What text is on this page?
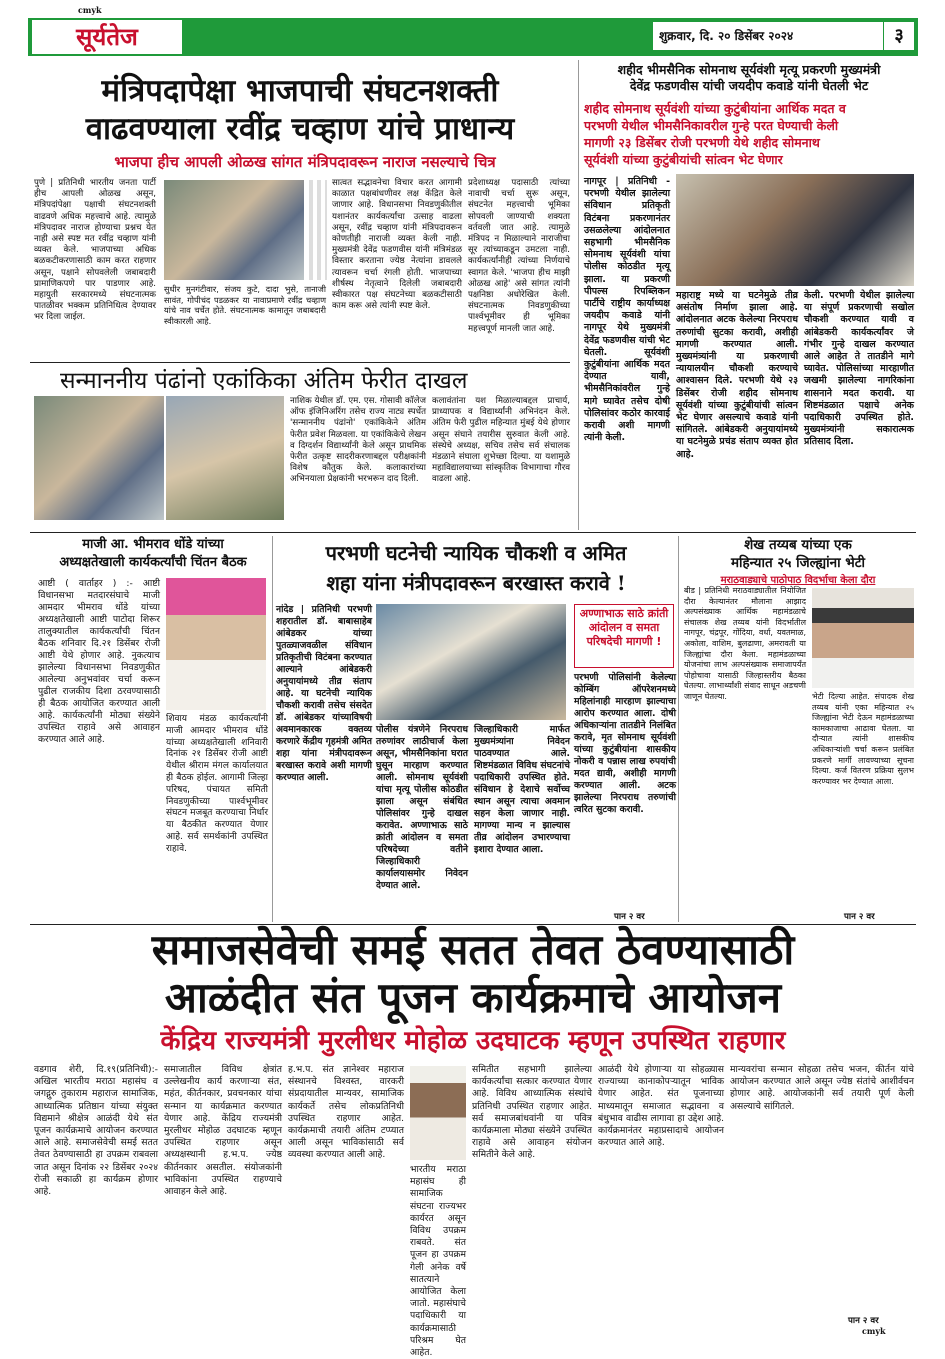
cmyk
सूर्यतेज	शुक्रवार, दि. २० डिसेंबर २०२४	३
मंत्रिपदापेक्षा भाजपाची संघटनशक्ती
वाढवण्याला रवींद्र चव्हाण यांचे प्राधान्य
भाजपा हीच आपली ओळख सांगत मंत्रिपदावरून नाराज नसल्याचे चित्र
पुणे | प्रतिनिधी भारतीय जनता पार्टी हीच आपली ओळख असून, मंत्रिपदांपेक्षा पक्षाची संघटनशक्ती वाढवणे अधिक महत्त्वाचे आहे. त्यामुळे मंत्रिपदावर नाराज होण्याचा प्रश्नच येत नाही असे स्पष्ट मत रवींद्र चव्हाण यांनी व्यक्त केले. भाजपाच्या अधिक बळकटीकरणासाठी काम करत राहणार असून, पक्षाने सोपवलेली जबाबदारी प्रामाणिकपणे पार पाडणार आहे. महायुती सरकारमध्ये संघटनात्मक पातळीवर भक्कम प्रतिनिधित्व देण्यावर भर दिला जाईल.
सुधीर मुनगंटीवार, संजय कुटे, दादा भुसे, तानाजी सावंत, गोपीचंद पडळकर या नावाप्रमाणे रवींद्र चव्हाण यांचे नाव चर्चेत होते. संघटनात्मक कामातून जबाबदारी स्वीकारली आहे.
सात्वत सद्भावनेचा विचार करत आगामी काळात पक्षबांधणीवर लक्ष केंद्रित केले जाणार आहे. विधानसभा निवडणुकीतील यशानंतर कार्यकर्त्यांचा उत्साह वाढला असून, रवींद्र चव्हाण यांनी मंत्रिपदावरून कोणतीही नाराजी व्यक्त केली नाही. मुख्यमंत्री देवेंद्र फडणवीस यांनी मंत्रिमंडळ विस्तार करताना ज्येष्ठ नेत्यांना डावलले त्यावरून चर्चा रंगली होती. भाजपाच्या शीर्षस्थ नेतृत्वाने दिलेली जबाबदारी स्वीकारत पक्ष संघटनेच्या बळकटीसाठी काम करू असे त्यांनी स्पष्ट केले.
प्रदेशाध्यक्ष पदासाठी त्यांच्या नावाची चर्चा सुरू असून, संघटनेत महत्त्वाची भूमिका सोपवली जाण्याची शक्यता वर्तवली जात आहे. त्यामुळे मंत्रिपद न मिळाल्याने नाराजीचा सूर त्यांच्याकडून उमटला नाही. कार्यकर्त्यांनीही त्यांच्या निर्णयाचे स्वागत केले. 'भाजपा हीच माझी ओळख आहे' असे सांगत त्यांनी पक्षनिष्ठा अधोरेखित केली. संघटनात्मक निवडणुकीच्या पार्श्वभूमीवर ही भूमिका महत्त्वपूर्ण मानली जात आहे.
सन्माननीय पंढांनो एकांकिका अंतिम फेरीत दाखल
नाशिक येथील डॉ. एम. एस. गोसावी कॉलेज ऑफ इंजिनिअरिंग तसेच राज्य नाट्य स्पर्धेत 'सन्माननीय पंढांनो' एकांकिकेने अंतिम फेरीत प्रवेश मिळवला. या एकांकिकेचे लेखन व दिग्दर्शन विद्यार्थ्यांनी केले असून प्राथमिक फेरीत उत्कृष्ट सादरीकरणाबद्दल परीक्षकांनी विशेष कौतुक केले. कलाकारांच्या अभिनयाला प्रेक्षकांनी भरभरून दाद दिली.
कलावंतांना यश मिळाल्याबद्दल प्राचार्य, प्राध्यापक व विद्यार्थ्यांनी अभिनंदन केले. अंतिम फेरी पुढील महिन्यात मुंबई येथे होणार असून संघाने तयारीस सुरुवात केली आहे. संस्थेचे अध्यक्ष, सचिव तसेच सर्व संचालक मंडळाने संघाला शुभेच्छा दिल्या. या यशामुळे महाविद्यालयाच्या सांस्कृतिक विभागाचा गौरव वाढला आहे.
शहीद भीमसैनिक सोमनाथ सूर्यवंशी मृत्यू प्रकरणी मुख्यमंत्री
देवेंद्र फडणवीस यांची जयदीप कवाडे यांनी घेतली भेट
शहीद सोमनाथ सूर्यवंशी यांच्या कुटुंबीयांना आर्थिक मदत व
परभणी येथील भीमसैनिकावरील गुन्हे परत घेण्याची केली
मागणी २३ डिसेंबर रोजी परभणी येथे शहीद सोमनाथ
सूर्यवंशी यांच्या कुटुंबीयांची सांत्वन भेट घेणार
नागपूर | प्रतिनिधी - परभणी येथील झालेल्या संविधान प्रतिकृती विटंबना प्रकरणानंतर उसळलेल्या आंदोलनात सहभागी भीमसैनिक सोमनाथ सूर्यवंशी यांचा पोलीस कोठडीत मृत्यू झाला. या प्रकरणी पीपल्स रिपब्लिकन पार्टीचे राष्ट्रीय कार्याध्यक्ष जयदीप कवाडे यांनी नागपूर येथे मुख्यमंत्री देवेंद्र फडणवीस यांची भेट घेतली. सूर्यवंशी कुटुंबीयांना आर्थिक मदत देण्यात यावी, भीमसैनिकांवरील गुन्हे मागे घ्यावेत तसेच दोषी पोलिसांवर कठोर कारवाई करावी अशी मागणी त्यांनी केली.
महाराष्ट्र मध्ये या घटनेमुळे तीव्र असंतोष निर्माण झाला आहे. आंदोलनात अटक केलेल्या निरपराध तरुणांची सुटका करावी, अशीही मागणी करण्यात आली. मुख्यमंत्र्यांनी या प्रकरणाची न्यायालयीन चौकशी करण्याचे आश्वासन दिले. परभणी येथे २३ डिसेंबर रोजी शहीद सोमनाथ सूर्यवंशी यांच्या कुटुंबीयांची सांत्वन भेट घेणार असल्याचे कवाडे यांनी सांगितले. आंबेडकरी अनुयायांमध्ये या घटनेमुळे प्रचंड संताप व्यक्त होत आहे.
केली. परभणी येथील झालेल्या या संपूर्ण प्रकरणाची सखोल चौकशी करण्यात यावी व आंबेडकरी कार्यकर्त्यांवर जे गंभीर गुन्हे दाखल करण्यात आले आहेत ते तातडीने मागे घ्यावेत. पोलिसांच्या मारहाणीत जखमी झालेल्या नागरिकांना शासनाने मदत करावी. या शिष्टमंडळात पक्षाचे अनेक पदाधिकारी उपस्थित होते. मुख्यमंत्र्यांनी सकारात्मक प्रतिसाद दिला.
माजी आ. भीमराव धोंडे यांच्या
अध्यक्षतेखाली कार्यकर्त्यांची चिंतन बैठक
आष्टी ( वार्ताहर ) :- आष्टी विधानसभा मतदारसंघाचे माजी आमदार भीमराव धोंडे यांच्या अध्यक्षतेखाली आष्टी पाटोदा शिरूर तालुक्यातील कार्यकर्त्यांची चिंतन बैठक शनिवार दि.२१ डिसेंबर रोजी आष्टी येथे होणार आहे. नुकत्याच झालेल्या विधानसभा निवडणुकीत आलेल्या अनुभवांवर चर्चा करून पुढील राजकीय दिशा ठरवण्यासाठी ही बैठक आयोजित करण्यात आली आहे. कार्यकर्त्यांनी मोठ्या संख्येने उपस्थित राहावे असे आवाहन करण्यात आले आहे.
शिवाय मंडळ कार्यकर्त्यांनी माजी आमदार भीमराव धोंडे यांच्या अध्यक्षतेखाली शनिवारी दिनांक २१ डिसेंबर रोजी आष्टी येथील श्रीराम मंगल कार्यालयात ही बैठक होईल. आगामी जिल्हा परिषद, पंचायत समिती निवडणुकीच्या पार्श्वभूमीवर संघटन मजबूत करण्याचा निर्धार या बैठकीत करण्यात येणार आहे. सर्व समर्थकांनी उपस्थित राहावे.
परभणी घटनेची न्यायिक चौकशी व अमित
शहा यांना मंत्रीपदावरून बरखास्त करावे !
नांदेड | प्रतिनिधी परभणी शहरातील डॉ. बाबासाहेब आंबेडकर यांच्या पुतळ्याजवळील संविधान प्रतिकृतीची विटंबना करण्यात आल्याने आंबेडकरी अनुयायांमध्ये तीव्र संताप आहे. या घटनेची न्यायिक चौकशी करावी तसेच संसदेत डॉ. आंबेडकर यांच्याविषयी अवमानकारक वक्तव्य करणारे केंद्रीय गृहमंत्री अमित शहा यांना मंत्रीपदावरून बरखास्त करावे अशी मागणी करण्यात आली.
पोलीस यंत्रणेने निरपराध तरुणांवर लाठीचार्ज केला असून, भीमसैनिकांना घरात घुसून मारहाण करण्यात आली. सोमनाथ सूर्यवंशी यांचा मृत्यू पोलीस कोठडीत झाला असून संबंधित पोलिसांवर गुन्हे दाखल करावेत. अण्णाभाऊ साठे क्रांती आंदोलन व समता परिषदेच्या वतीने जिल्हाधिकारी कार्यालयासमोर निवेदन देण्यात आले.
जिल्हाधिकारी मार्फत मुख्यमंत्र्यांना निवेदन पाठवण्यात आले. शिष्टमंडळात विविध संघटनांचे पदाधिकारी उपस्थित होते. संविधान हे देशाचे सर्वोच्च स्थान असून त्याचा अवमान सहन केला जाणार नाही. मागण्या मान्य न झाल्यास तीव्र आंदोलन उभारण्याचा इशारा देण्यात आला.
अण्णाभाऊ साठे क्रांती आंदोलन व समता परिषदेची मागणी !
परभणी पोलिसांनी केलेल्या कोम्बिंग ऑपरेशनमध्ये महिलांनाही मारहाण झाल्याचा आरोप करण्यात आला. दोषी अधिकाऱ्यांना तातडीने निलंबित करावे, मृत सोमनाथ सूर्यवंशी यांच्या कुटुंबीयांना शासकीय नोकरी व पन्नास लाख रुपयांची मदत द्यावी, अशीही मागणी करण्यात आली. अटक झालेल्या निरपराध तरुणांची त्वरित सुटका करावी.
पान २ वर
शेख तय्यब यांच्या एक
महिन्यात २५ जिल्ह्यांना भेटी
मराठवाड्याचे पाठोपाठ विदर्भाचा केला दौरा
बीड | प्रतिनिधी मराठवाड्यातील नियोजित दौरा केल्यानंतर मौलाना आझाद अल्पसंख्याक आर्थिक महामंडळाचे संचालक शेख तय्यब यांनी विदर्भातील नागपूर, चंद्रपूर, गोंदिया, वर्धा, यवतमाळ, अकोला, वाशिम, बुलढाणा, अमरावती या जिल्ह्यांचा दौरा केला. महामंडळाच्या योजनांचा लाभ अल्पसंख्याक समाजापर्यंत पोहोचावा यासाठी जिल्हास्तरीय बैठका घेतल्या. लाभार्थ्यांशी संवाद साधून अडचणी जाणून घेतल्या.	भेटी दिल्या आहेत. संपादक शेख तय्यब यांनी एका महिन्यात २५ जिल्ह्यांना भेटी देऊन महामंडळाच्या कामकाजाचा आढावा घेतला. या दौऱ्यात त्यांनी शासकीय अधिकाऱ्यांशी चर्चा करून प्रलंबित प्रकरणे मार्गी लावण्याच्या सूचना दिल्या. कर्ज वितरण प्रक्रिया सुलभ करण्यावर भर देण्यात आला.
पान २ वर
समाजसेवेची समई सतत तेवत ठेवण्यासाठी
आळंदीत संत पूजन कार्यक्रमाचे आयोजन
केंद्रिय राज्यमंत्री मुरलीधर मोहोळ उदघाटक म्हणून उपस्थित राहणार
वडगाव शेरी, दि.१९(प्रतिनिधी):- अखिल भारतीय मराठा महासंघ व जगद्गुरु तुकाराम महाराज सामाजिक, आध्यात्मिक प्रतिष्ठान यांच्या संयुक्त विद्यमाने श्रीक्षेत्र आळंदी येथे संत पूजन कार्यक्रमाचे आयोजन करण्यात आले आहे. समाजसेवेची समई सतत तेवत ठेवण्यासाठी हा उपक्रम राबवला जात असून दिनांक २२ डिसेंबर २०२४ रोजी सकाळी हा कार्यक्रम होणार आहे.
समाजातील विविध क्षेत्रांत उल्लेखनीय कार्य करणाऱ्या संत, महंत, कीर्तनकार, प्रवचनकार यांचा सन्मान या कार्यक्रमात करण्यात येणार आहे. केंद्रिय राज्यमंत्री मुरलीधर मोहोळ उदघाटक म्हणून उपस्थित राहणार असून अध्यक्षस्थानी ह.भ.प. ज्येष्ठ कीर्तनकार असतील. संयोजकांनी भाविकांना उपस्थित राहण्याचे आवाहन केले आहे.
ह.भ.प. संत ज्ञानेश्वर महाराज संस्थानचे विश्वस्त, वारकरी संप्रदायातील मान्यवर, सामाजिक कार्यकर्ते तसेच लोकप्रतिनिधी उपस्थित राहणार आहेत. कार्यक्रमाची तयारी अंतिम टप्प्यात आली असून भाविकांसाठी सर्व व्यवस्था करण्यात आली आहे.
भारतीय मराठा महासंघ ही सामाजिक संघटना राज्यभर कार्यरत असून विविध उपक्रम राबवते. संत पूजन हा उपक्रम गेली अनेक वर्षे सातत्याने आयोजित केला जातो. महासंघाचे पदाधिकारी या कार्यक्रमासाठी परिश्रम घेत आहेत.
समितीत सहभागी झालेल्या कार्यकर्त्यांचा सत्कार करण्यात येणार आहे. विविध आध्यात्मिक संस्थांचे प्रतिनिधी उपस्थित राहणार आहेत. सर्व समाजबांधवांनी या पवित्र कार्यक्रमाला मोठ्या संख्येने उपस्थित राहावे असे आवाहन संयोजन समितीने केले आहे.
आळंदी येथे होणाऱ्या या सोहळ्यास राज्याच्या कानाकोपऱ्यातून भाविक येणार आहेत. संत पूजनाच्या माध्यमातून समाजात सद्भावना व बंधुभाव वाढीस लागावा हा उद्देश आहे. कार्यक्रमानंतर महाप्रसादाचे आयोजन करण्यात आले आहे.
मान्यवरांचा सन्मान सोहळा तसेच भजन, कीर्तन यांचे आयोजन करण्यात आले असून ज्येष्ठ संतांचे आशीर्वचन होणार आहे. आयोजकांनी सर्व तयारी पूर्ण केली असल्याचे सांगितले.
पान २ वर
cmyk
